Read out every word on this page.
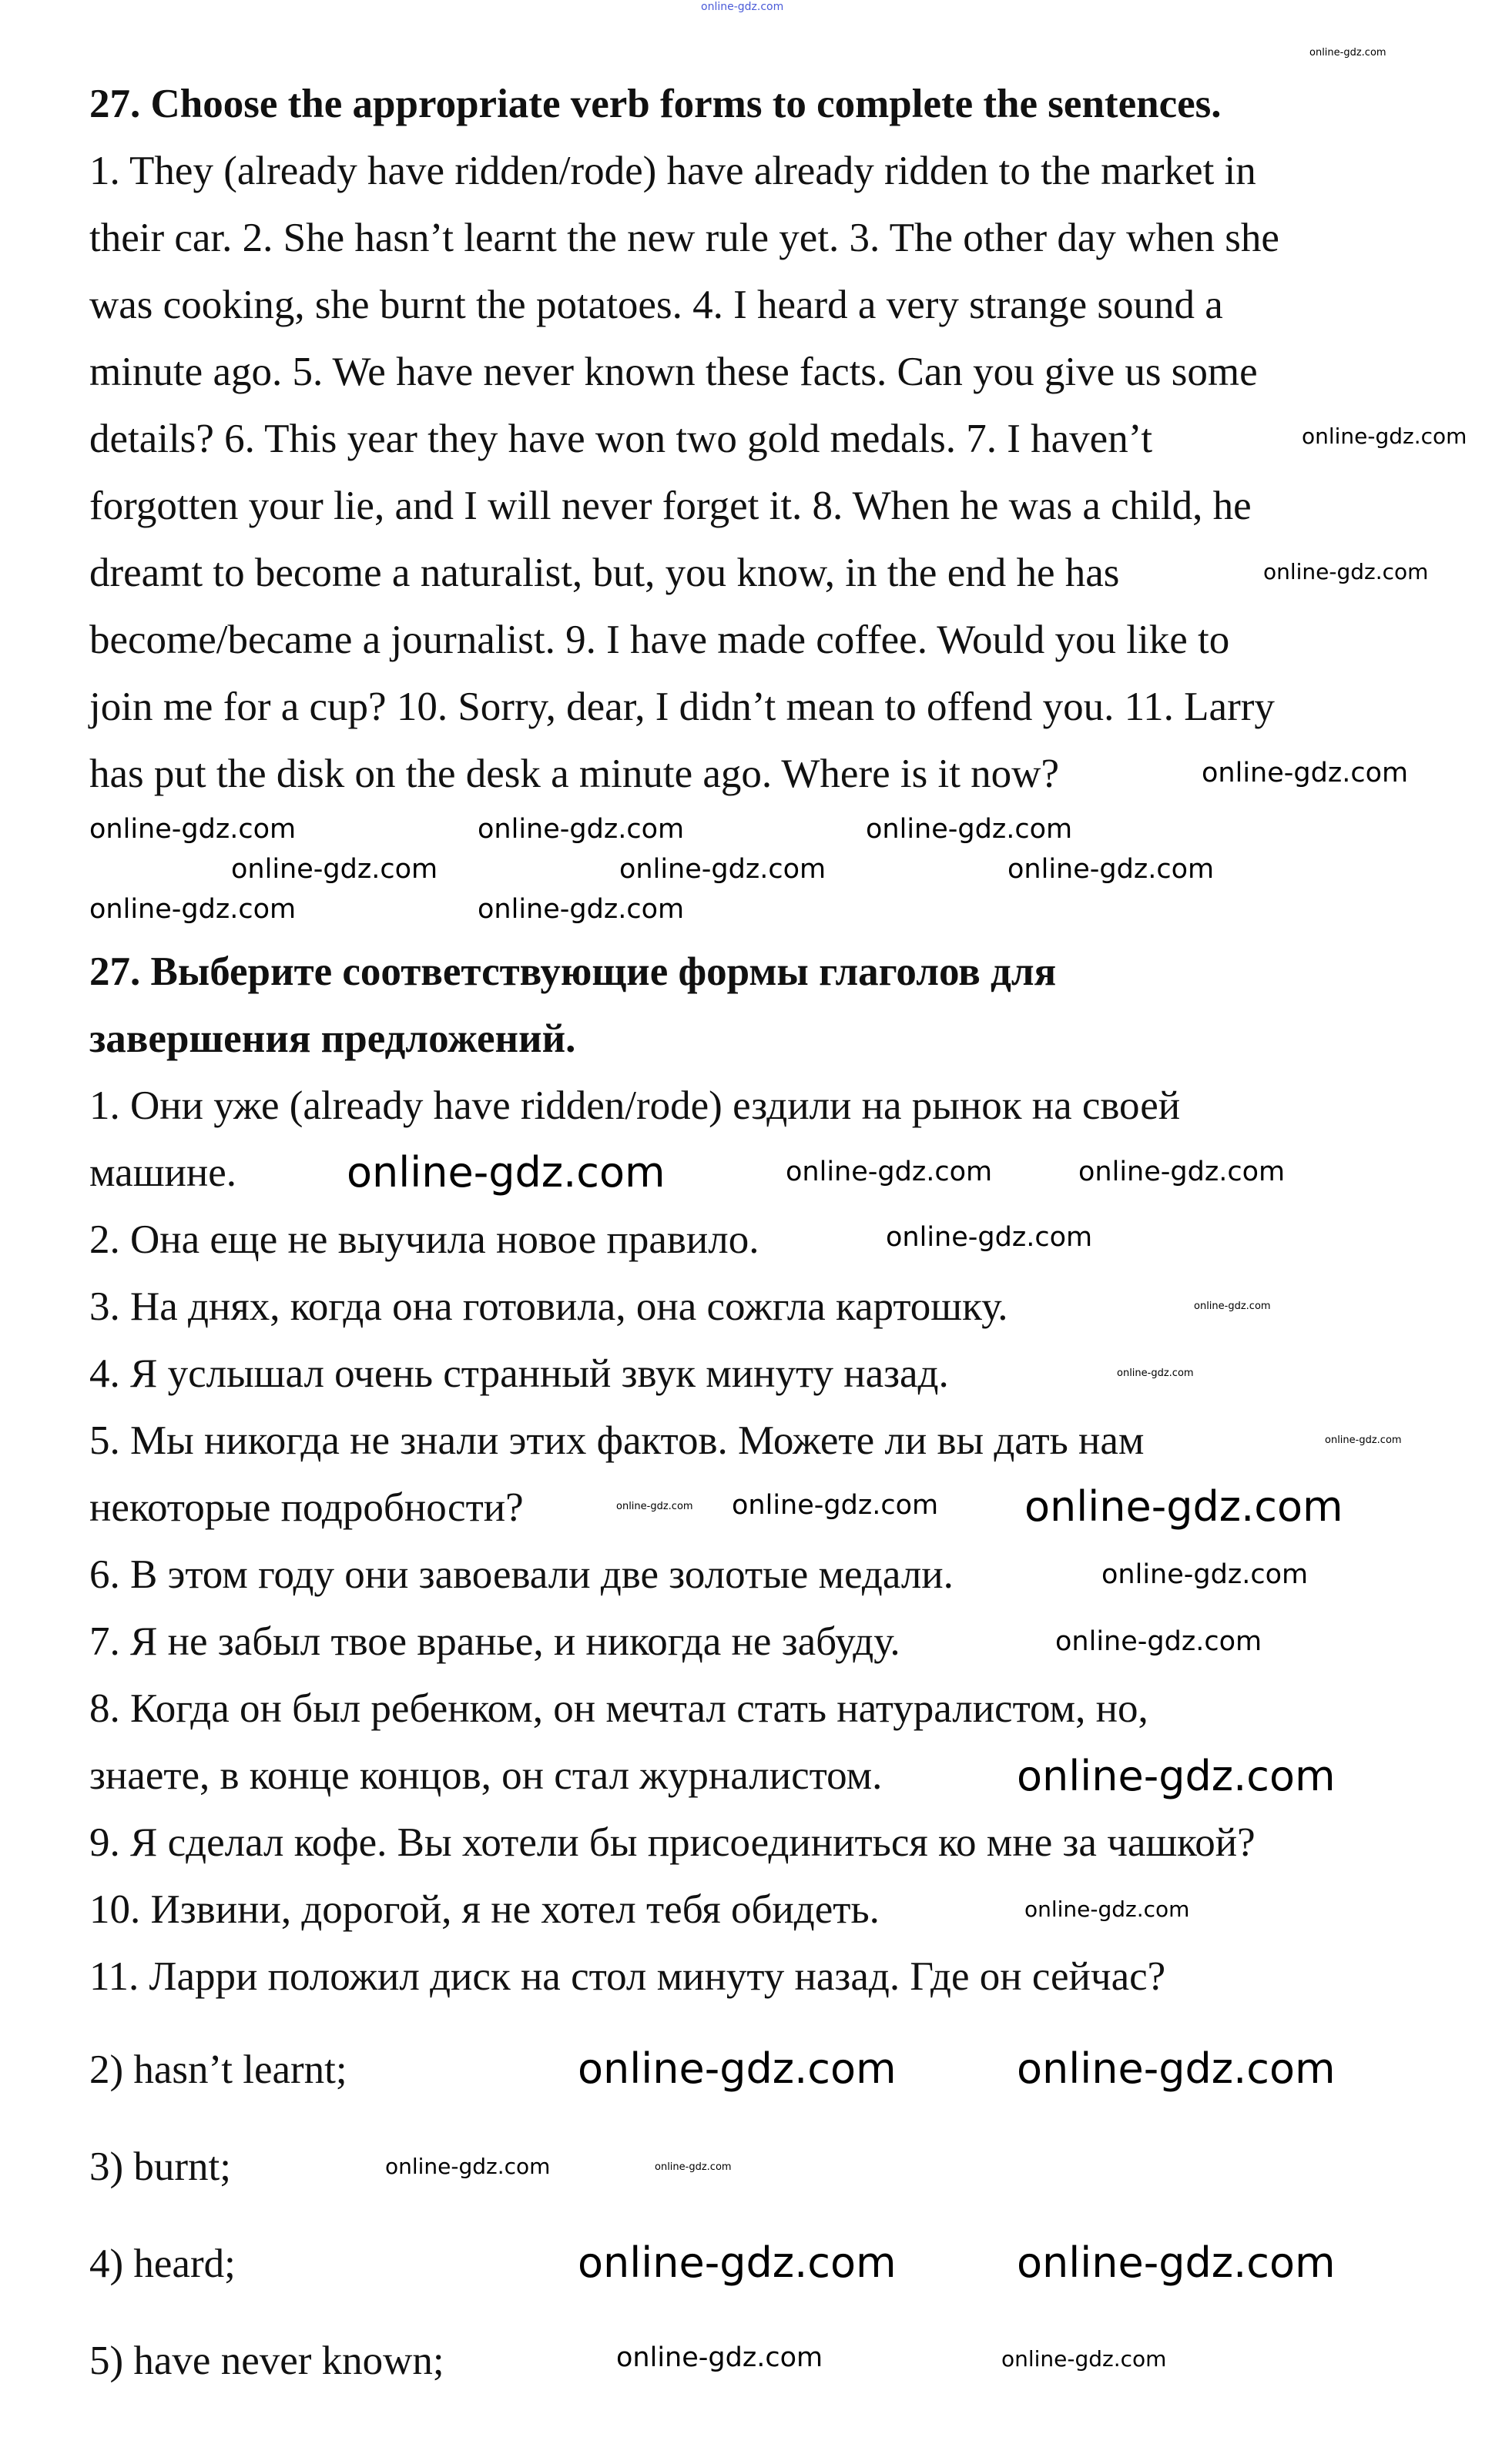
27. Choose the appropriate verb forms to complete the sentences.
1. They (already have ridden/rode) have already ridden to the market in
their car. 2. She hasn’t learnt the new rule yet. 3. The other day when she
was cooking, she burnt the potatoes. 4. I heard a very strange sound a
minute ago. 5. We have never known these facts. Can you give us some
details? 6. This year they have won two gold medals. 7. I haven’t
forgotten your lie, and I will never forget it. 8. When he was a child, he
dreamt to become a naturalist, but, you know, in the end he has
become/became a journalist. 9. I have made coffee. Would you like to
join me for a cup? 10. Sorry, dear, I didn’t mean to offend you. 11. Larry
has put the disk on the desk a minute ago. Where is it now?
27. Выберите соответствующие формы глаголов для
завершения предложений.
1. Они уже (already have ridden/rode) ездили на рынок на своей
машине.
2. Она еще не выучила новое правило.
3. На днях, когда она готовила, она сожгла картошку.
4. Я услышал очень странный звук минуту назад.
5. Мы никогда не знали этих фактов. Можете ли вы дать нам
некоторые подробности?
6. В этом году они завоевали две золотые медали.
7. Я не забыл твое вранье, и никогда не забуду.
8. Когда он был ребенком, он мечтал стать натуралистом, но,
знаете, в конце концов, он стал журналистом.
9. Я сделал кофе. Вы хотели бы присоединиться ко мне за чашкой?
10. Извини, дорогой, я не хотел тебя обидеть.
11. Ларри положил диск на стол минуту назад. Где он сейчас?
2) hasn’t learnt;
3) burnt;
4) heard;
5) have never known;
online-gdz.com
online-gdz.com
online-gdz.com
online-gdz.com
online-gdz.com
online-gdz.com	online-gdz.com	online-gdz.com
online-gdz.com	online-gdz.com	online-gdz.com
online-gdz.com	online-gdz.com
online-gdz.com	online-gdz.com	online-gdz.com
online-gdz.com
online-gdz.com
online-gdz.com
online-gdz.com
online-gdz.com online-gdz.com online-gdz.com
online-gdz.com
online-gdz.com
online-gdz.com
online-gdz.com
online-gdz.com	online-gdz.com
online-gdz.com	online-gdz.com
online-gdz.com	online-gdz.com
online-gdz.com	online-gdz.com
